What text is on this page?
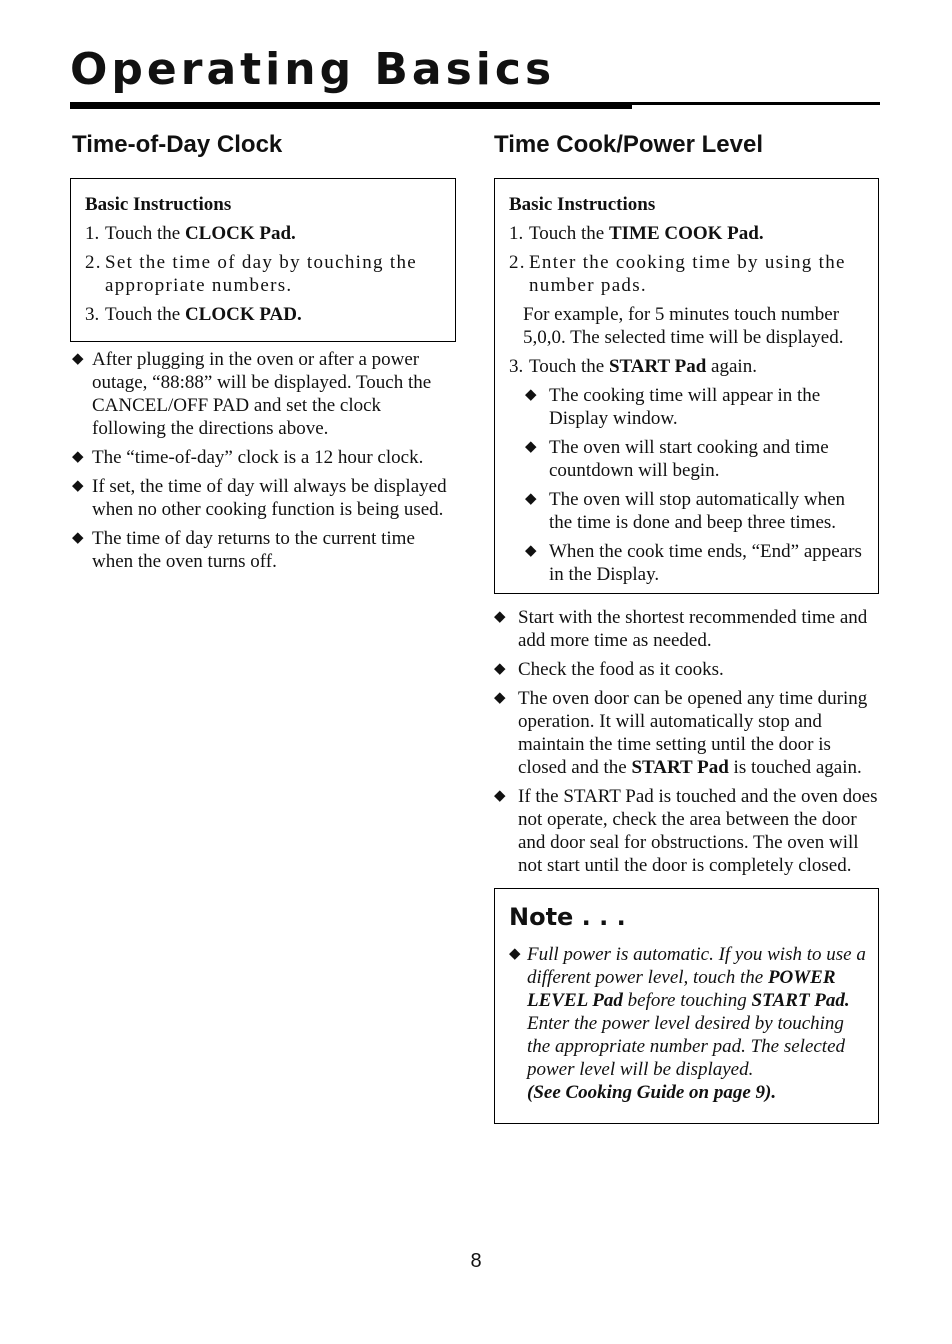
Operating Basics
Time-of-Day Clock

Basic Instructions

1. Touch the CLOCK Pad.

2. Set the time of day by touching the appropriate numbers.

3. Touch the CLOCK PAD.

◆ After plugging in the oven or after a power outage, “88:88” will be displayed. Touch the CANCEL/OFF PAD and set the clock following the directions above.
◆ The “time-of-day” clock is a 12 hour clock.
◆ If set, the time of day will always be displayed when no other cooking function is being used.
◆ The time of day returns to the current time when the oven turns off.
Time Cook/Power Level

Basic Instructions

1. Touch the TIME COOK Pad.

2. Enter the cooking time by using the number pads.

For example, for 5 minutes touch number 5,0,0. The selected time will be displayed.

3. Touch the START Pad again.

◆ The cooking time will appear in the Display window.

◆ The oven will start cooking and time countdown will begin.

◆ The oven will stop automatically when the time is done and beep three times.

◆ When the cook time ends, “End” appears in the Display.

◆ Start with the shortest recommended time and add more time as needed.
◆ Check the food as it cooks.
◆ The oven door can be opened any time during operation. It will automatically stop and maintain the time setting until the door is closed and the START Pad is touched again.
◆ If the START Pad is touched and the oven does not operate, check the area between the door and door seal for obstructions. The oven will not start until the door is completely closed.

Note . . .

◆ Full power is automatic. If you wish to use a different power level, touch the POWER LEVEL Pad before touching START Pad. Enter the power level desired by touching the appropriate number pad. The selected power level will be displayed.

(See Cooking Guide on page 9).

8
